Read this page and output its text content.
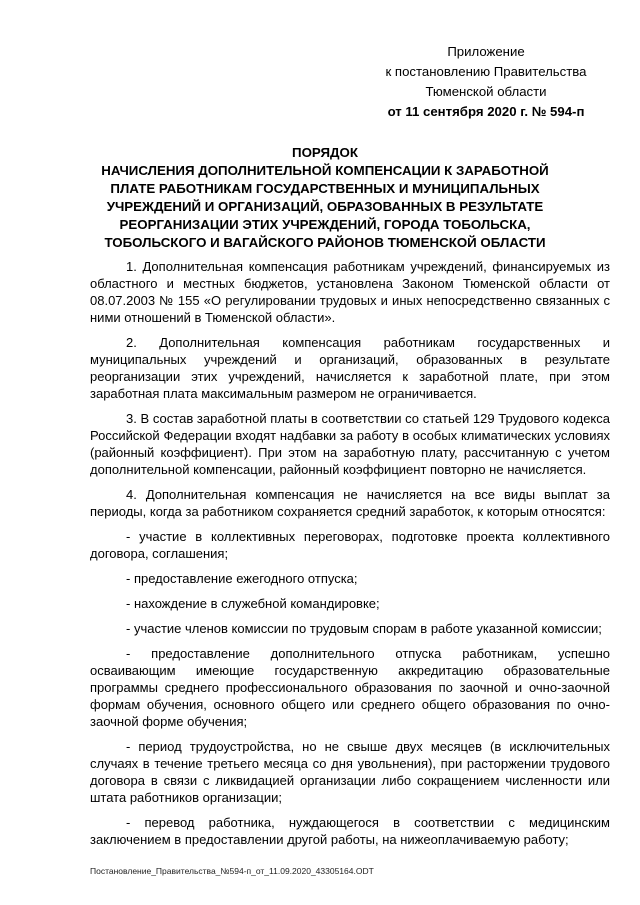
Приложение
к постановлению Правительства
Тюменской области
от 11 сентября 2020 г. № 594-п
ПОРЯДОК
НАЧИСЛЕНИЯ ДОПОЛНИТЕЛЬНОЙ КОМПЕНСАЦИИ К ЗАРАБОТНОЙ
ПЛАТЕ РАБОТНИКАМ ГОСУДАРСТВЕННЫХ И МУНИЦИПАЛЬНЫХ
УЧРЕЖДЕНИЙ И ОРГАНИЗАЦИЙ, ОБРАЗОВАННЫХ В РЕЗУЛЬТАТЕ
РЕОРГАНИЗАЦИИ ЭТИХ УЧРЕЖДЕНИЙ, ГОРОДА ТОБОЛЬСКА,
ТОБОЛЬСКОГО И ВАГАЙСКОГО РАЙОНОВ ТЮМЕНСКОЙ ОБЛАСТИ

1. Дополнительная компенсация работникам учреждений, финансируемых из областного и местных бюджетов, установлена Законом Тюменской области от 08.07.2003 № 155 «О регулировании трудовых и иных непосредственно связанных с ними отношений в Тюменской области».

2. Дополнительная компенсация работникам государственных и муниципальных учреждений и организаций, образованных в результате реорганизации этих учреждений, начисляется к заработной плате, при этом заработная плата максимальным размером не ограничивается.

3. В состав заработной платы в соответствии со статьей 129 Трудового кодекса Российской Федерации входят надбавки за работу в особых климатических условиях (районный коэффициент). При этом на заработную плату, рассчитанную с учетом дополнительной компенсации, районный коэффициент повторно не начисляется.

4. Дополнительная компенсация не начисляется на все виды выплат за периоды, когда за работником сохраняется средний заработок, к которым относятся:

- участие в коллективных переговорах, подготовке проекта коллективного договора, соглашения;

- предоставление ежегодного отпуска;

- нахождение в служебной командировке;

- участие членов комиссии по трудовым спорам в работе указанной комиссии;

- предоставление дополнительного отпуска работникам, успешно осваивающим имеющие государственную аккредитацию образовательные программы среднего профессионального образования по заочной и очно-заочной формам обучения, основного общего или среднего общего образования по очно-заочной форме обучения;

- период трудоустройства, но не свыше двух месяцев (в исключительных случаях в течение третьего месяца со дня увольнения), при расторжении трудового договора в связи с ликвидацией организации либо сокращением численности или штата работников организации;

- перевод работника, нуждающегося в соответствии с медицинским заключением в предоставлении другой работы, на нижеоплачиваемую работу;

Постановление_Правительства_№594-п_от_11.09.2020_43305164.ODT
